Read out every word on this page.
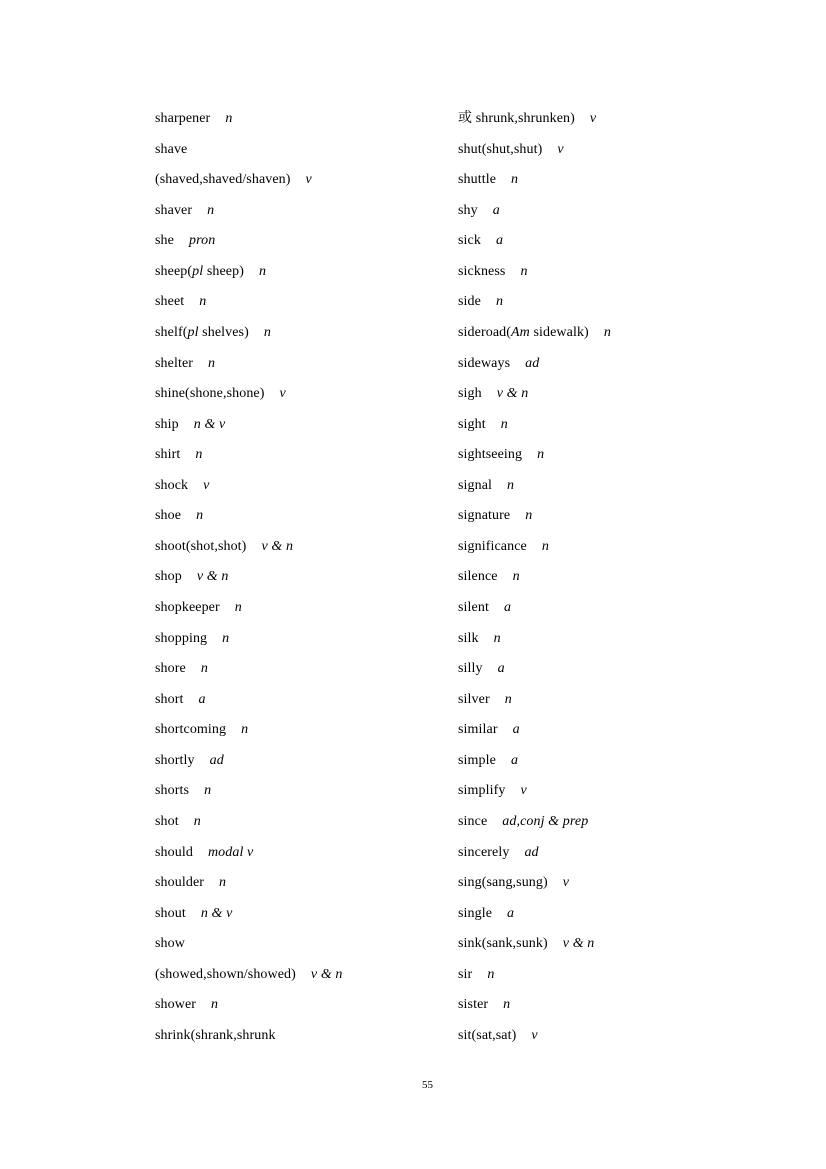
sharpener n
shave
(shaved,shaved/shaven) v
shaver n
she pron
sheep(pl sheep) n
sheet n
shelf(pl shelves) n
shelter n
shine(shone,shone) v
ship n & v
shirt n
shock v
shoe n
shoot(shot,shot) v & n
shop v & n
shopkeeper n
shopping n
shore n
short a
shortcoming n
shortly ad
shorts n
shot n
should modal v
shoulder n
shout n & v
show
(showed,shown/showed) v & n
shower n
shrink(shrank,shrunk
或 shrunk,shrunken) v
shut(shut,shut) v
shuttle n
shy a
sick a
sickness n
side n
sideroad(Am sidewalk) n
sideways ad
sigh v & n
sight n
sightseeing n
signal n
signature n
significance n
silence n
silent a
silk n
silly a
silver n
similar a
simple a
simplify v
since ad,conj & prep
sincerely ad
sing(sang,sung) v
single a
sink(sank,sunk) v & n
sir n
sister n
sit(sat,sat) v
55
